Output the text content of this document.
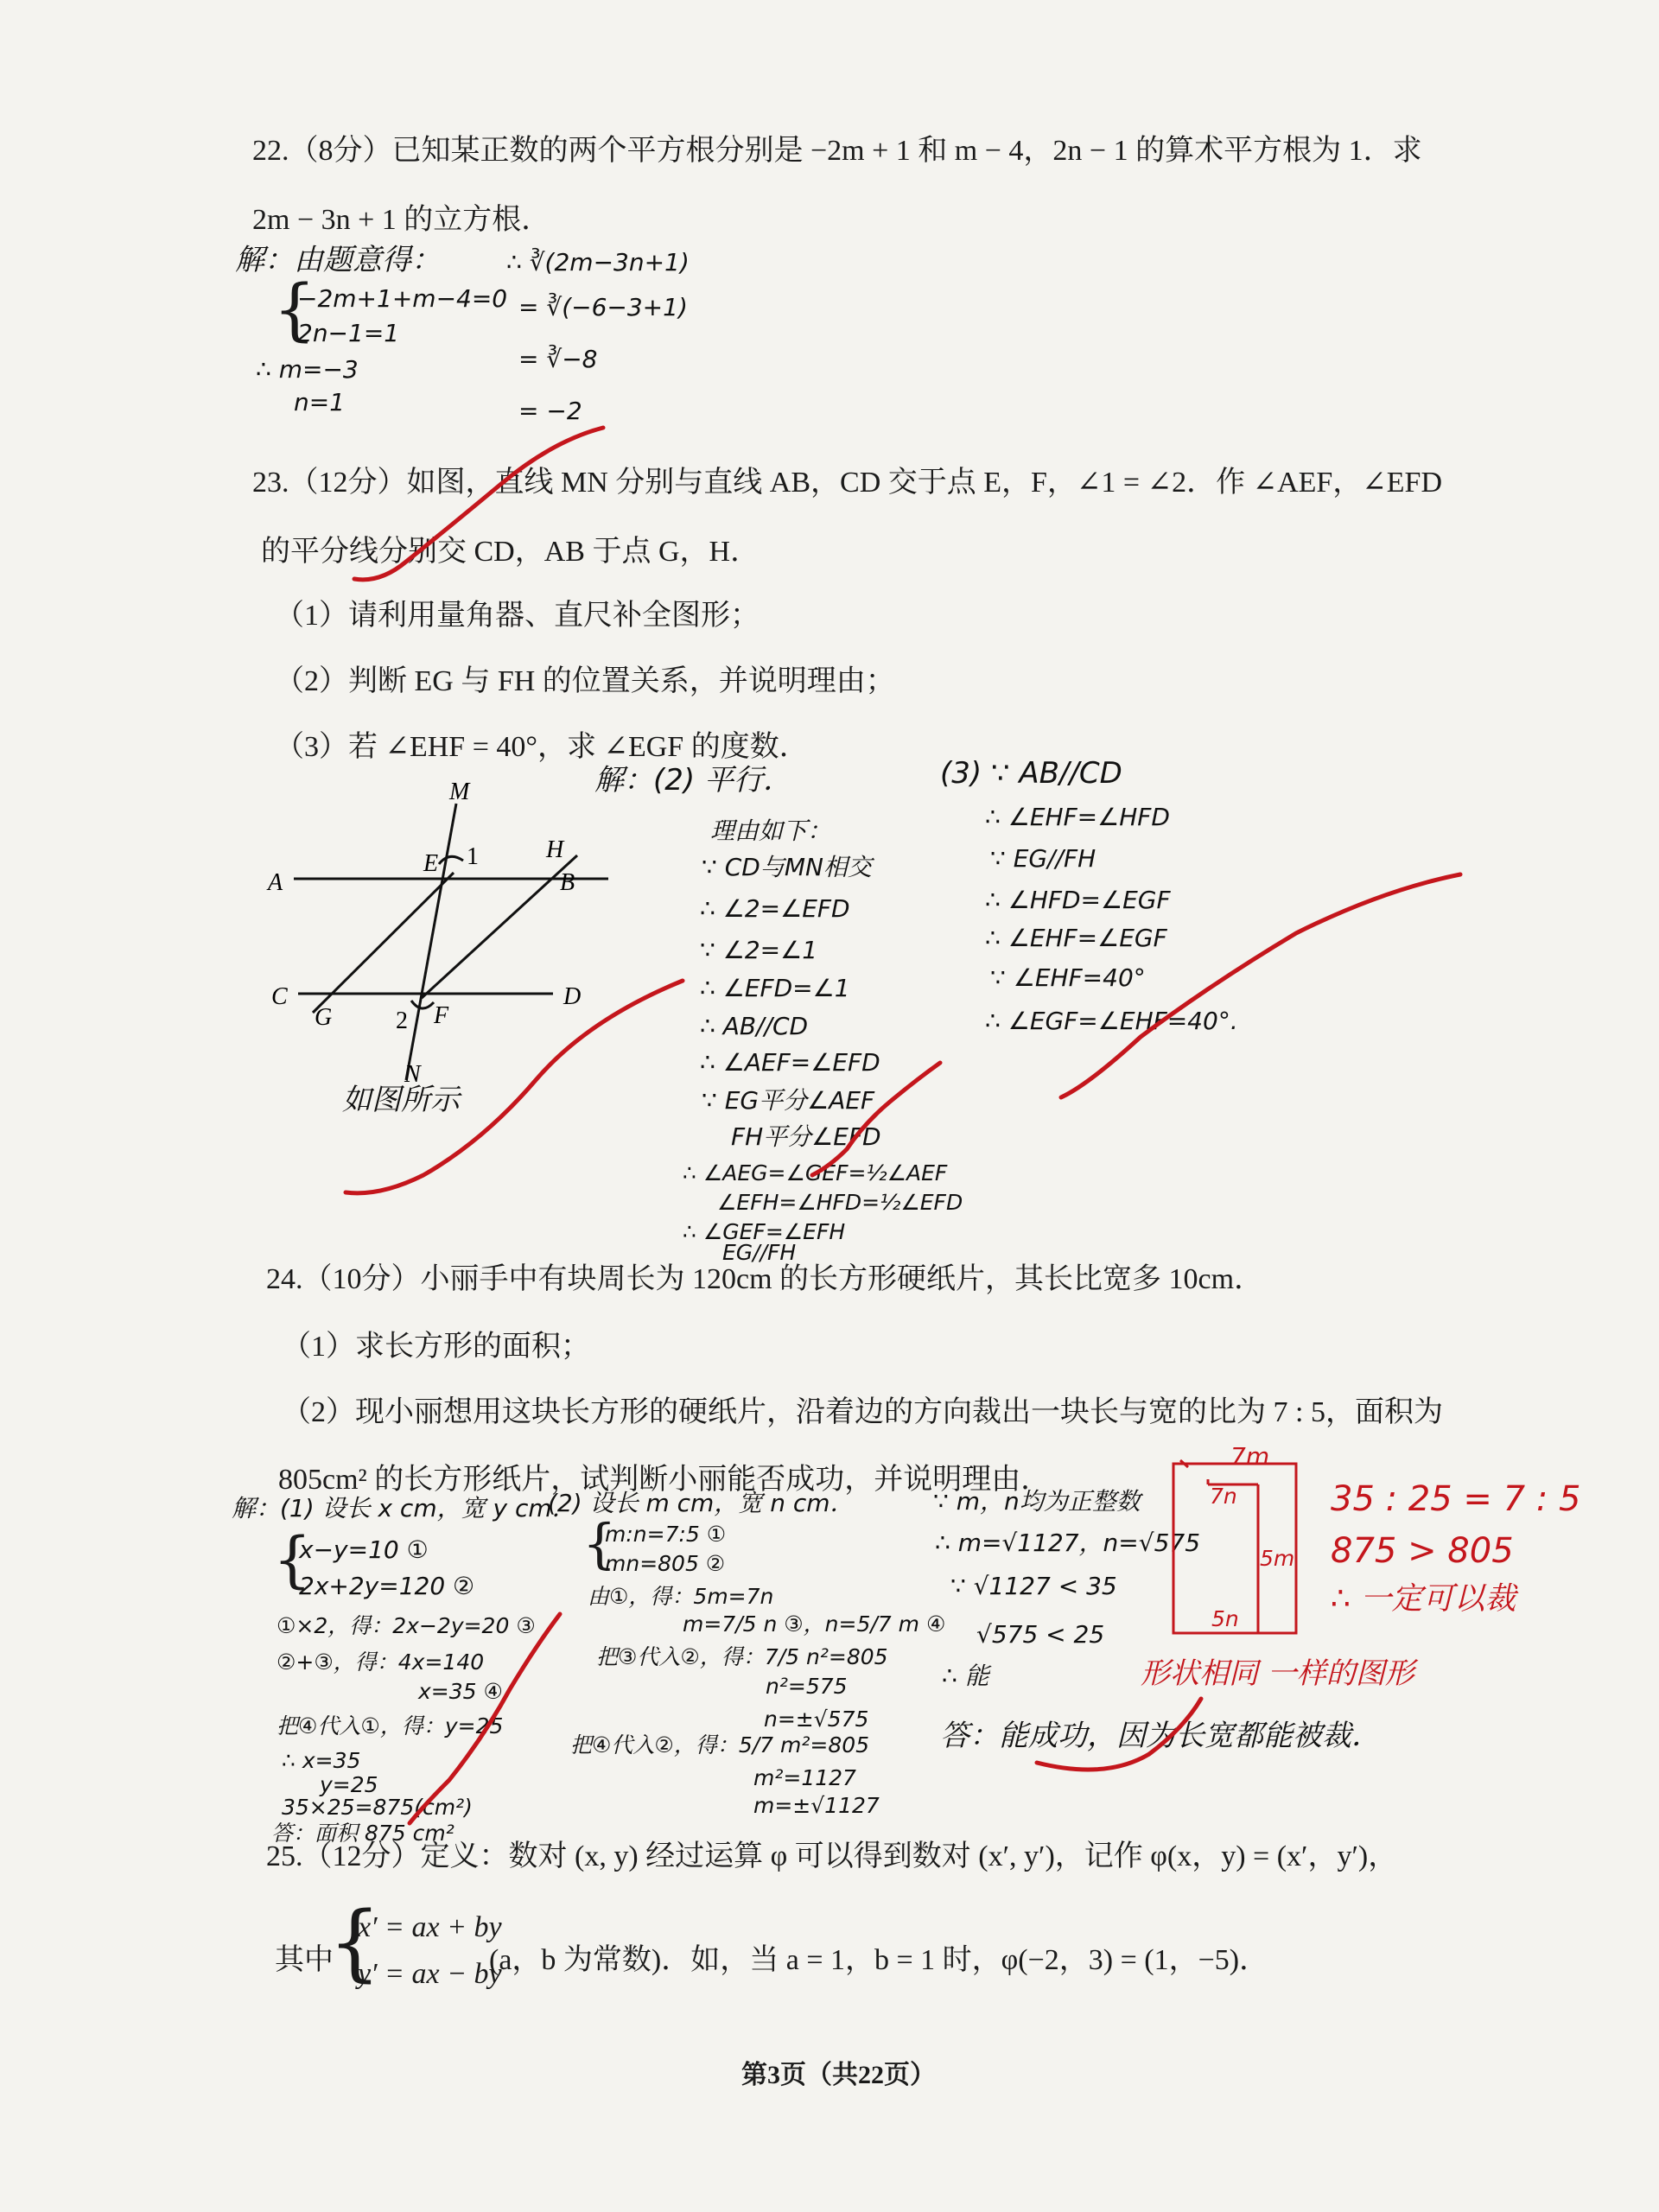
22.（8分）已知某正数的两个平方根分别是 −2m + 1 和 m − 4，2n − 1 的算术平方根为 1．求
2m − 3n + 1 的立方根．
解：由题意得：
{
−2m+1+m−4=0
2n−1=1
∴ m=−3
n=1
∴ ∛(2m−3n+1)
= ∛(−6−3+1)
= ∛−8
= −2
23.（12分）如图，直线 MN 分别与直线 AB，CD 交于点 E，F，∠1 = ∠2．作 ∠AEF，∠EFD
的平分线分别交 CD，AB 于点 G，H．
（1）请利用量角器、直尺补全图形；
（2）判断 EG 与 FH 的位置关系，并说明理由；
（3）若 ∠EHF = 40°，求 ∠EGF 的度数．
M
A
E 1	H
B
C
G	2 F
D
N
如图所示
解：(2) 平行．
理由如下：
∵ CD与MN相交
∴ ∠2=∠EFD
∵ ∠2=∠1
∴ ∠EFD=∠1
∴ AB//CD
∴ ∠AEF=∠EFD
∵ EG平分∠AEF
FH平分∠EFD
∴ ∠AEG=∠GEF=½∠AEF
∠EFH=∠HFD=½∠EFD
∴ ∠GEF=∠EFH
EG//FH
(3) ∵ AB//CD
∴ ∠EHF=∠HFD
∵ EG//FH
∴ ∠HFD=∠EGF
∴ ∠EHF=∠EGF
∵ ∠EHF=40°
∴ ∠EGF=∠EHF=40°.
24.（10分）小丽手中有块周长为 120cm 的长方形硬纸片，其长比宽多 10cm．
（1）求长方形的面积；
（2）现小丽想用这块长方形的硬纸片，沿着边的方向裁出一块长与宽的比为 7 : 5，面积为
805cm² 的长方形纸片，试判断小丽能否成功，并说明理由．
解：(1) 设长 x cm，宽 y cm．
{
x−y=10 ①
2x+2y=120 ②
①×2，得：2x−2y=20 ③
②+③，得：4x=140
x=35 ④
把④代入①，得：y=25
∴ x=35
y=25
35×25=875(cm²)
答：面积 875 cm²
(2) 设长 m cm，宽 n cm．
{
m:n=7:5 ①
mn=805 ②
由①，得：5m=7n
m=7/5 n ③，n=5/7 m ④
把③代入②，得：7/5 n²=805
n²=575
n=±√575
把④代入②，得：5/7 m²=805
m²=1127
m=±√1127
∵ m，n均为正整数
∴ m=√1127，n=√575
∵ √1127 < 35
√575 < 25
∴ 能
答：能成功，因为长宽都能被裁．
7m
7n
5m
5n
35 : 25 = 7 : 5
875 > 805
∴ 一定可以裁
形状相同 一样的图形
25.（12分）定义：数对 (x, y) 经过运算 φ 可以得到数对 (x′, y′)，记作 φ(x，y) = (x′，y′)，
其中
{
x′ = ax + by
y′ = ax − by
(a，b 为常数)．如，当 a = 1，b = 1 时，φ(−2，3) = (1，−5)．
第3页（共22页）
